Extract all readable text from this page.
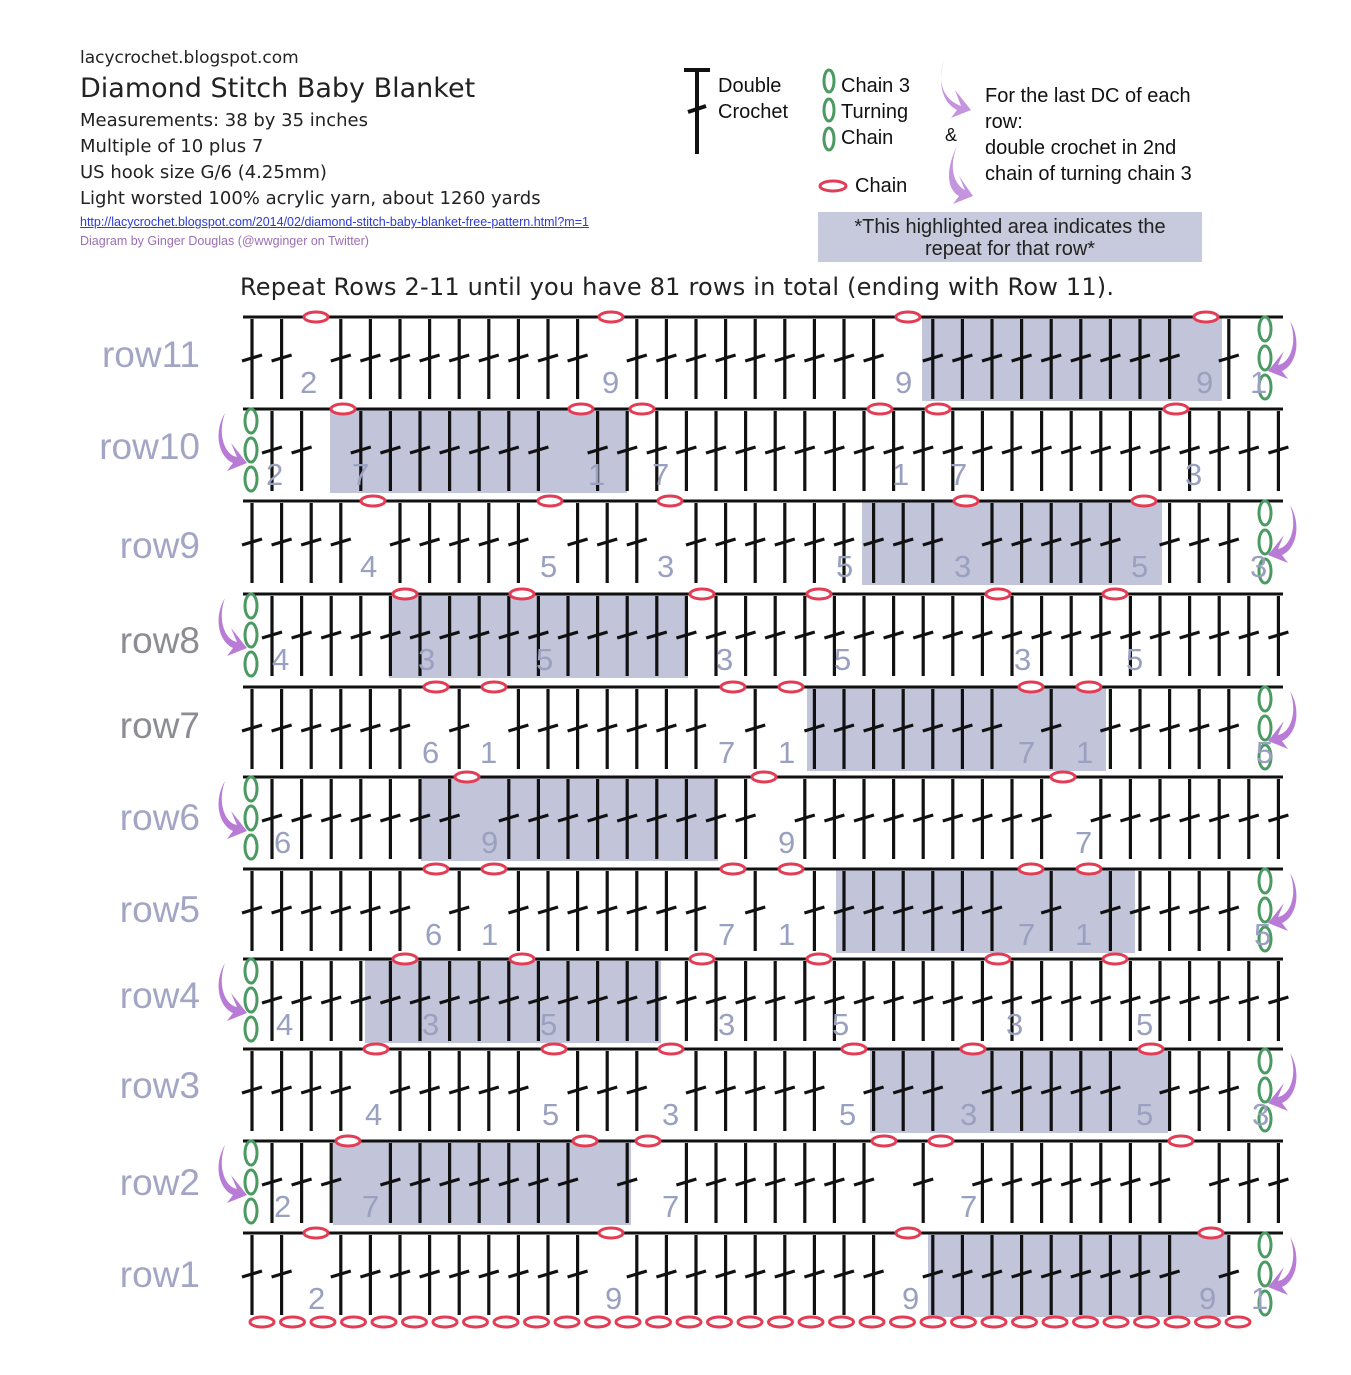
lacycrochet.blogspot.com
Diamond Stitch Baby Blanket
Measurements: 38 by 35 inches
Multiple of 10 plus 7
US hook size G/6 (4.25mm)
Light worsted 100% acrylic yarn, about 1260 yards
http://lacycrochet.blogspot.com/2014/02/diamond-stitch-baby-blanket-free-pattern.html?m=1
Diagram by Ginger Douglas (@wwginger on Twitter)
Double
Crochet
Chain 3
Turning
Chain
Chain
&
For the last DC of each
row:
double crochet in 2nd
chain of turning chain 3
*This highlighted area indicates the
repeat for that row*
Repeat Rows 2-11 until you have 81 rows in total (ending with Row 11).
row11
row10
row9
row8
row7
row6
row5
row4
row3
row2
row1
2	9	9	9 1
2 7	1 7	1 7	3
4	5	3	5	3	5	3
4	3	5	3	5	3	5
6 1	7 1	7 1	5
6	9	9	7
6 1	7 1	7 1	5
4	3	5	3	5	3	5
4	5	3	5	3	5	3
2 7	7	7
2	9	9	9 1
